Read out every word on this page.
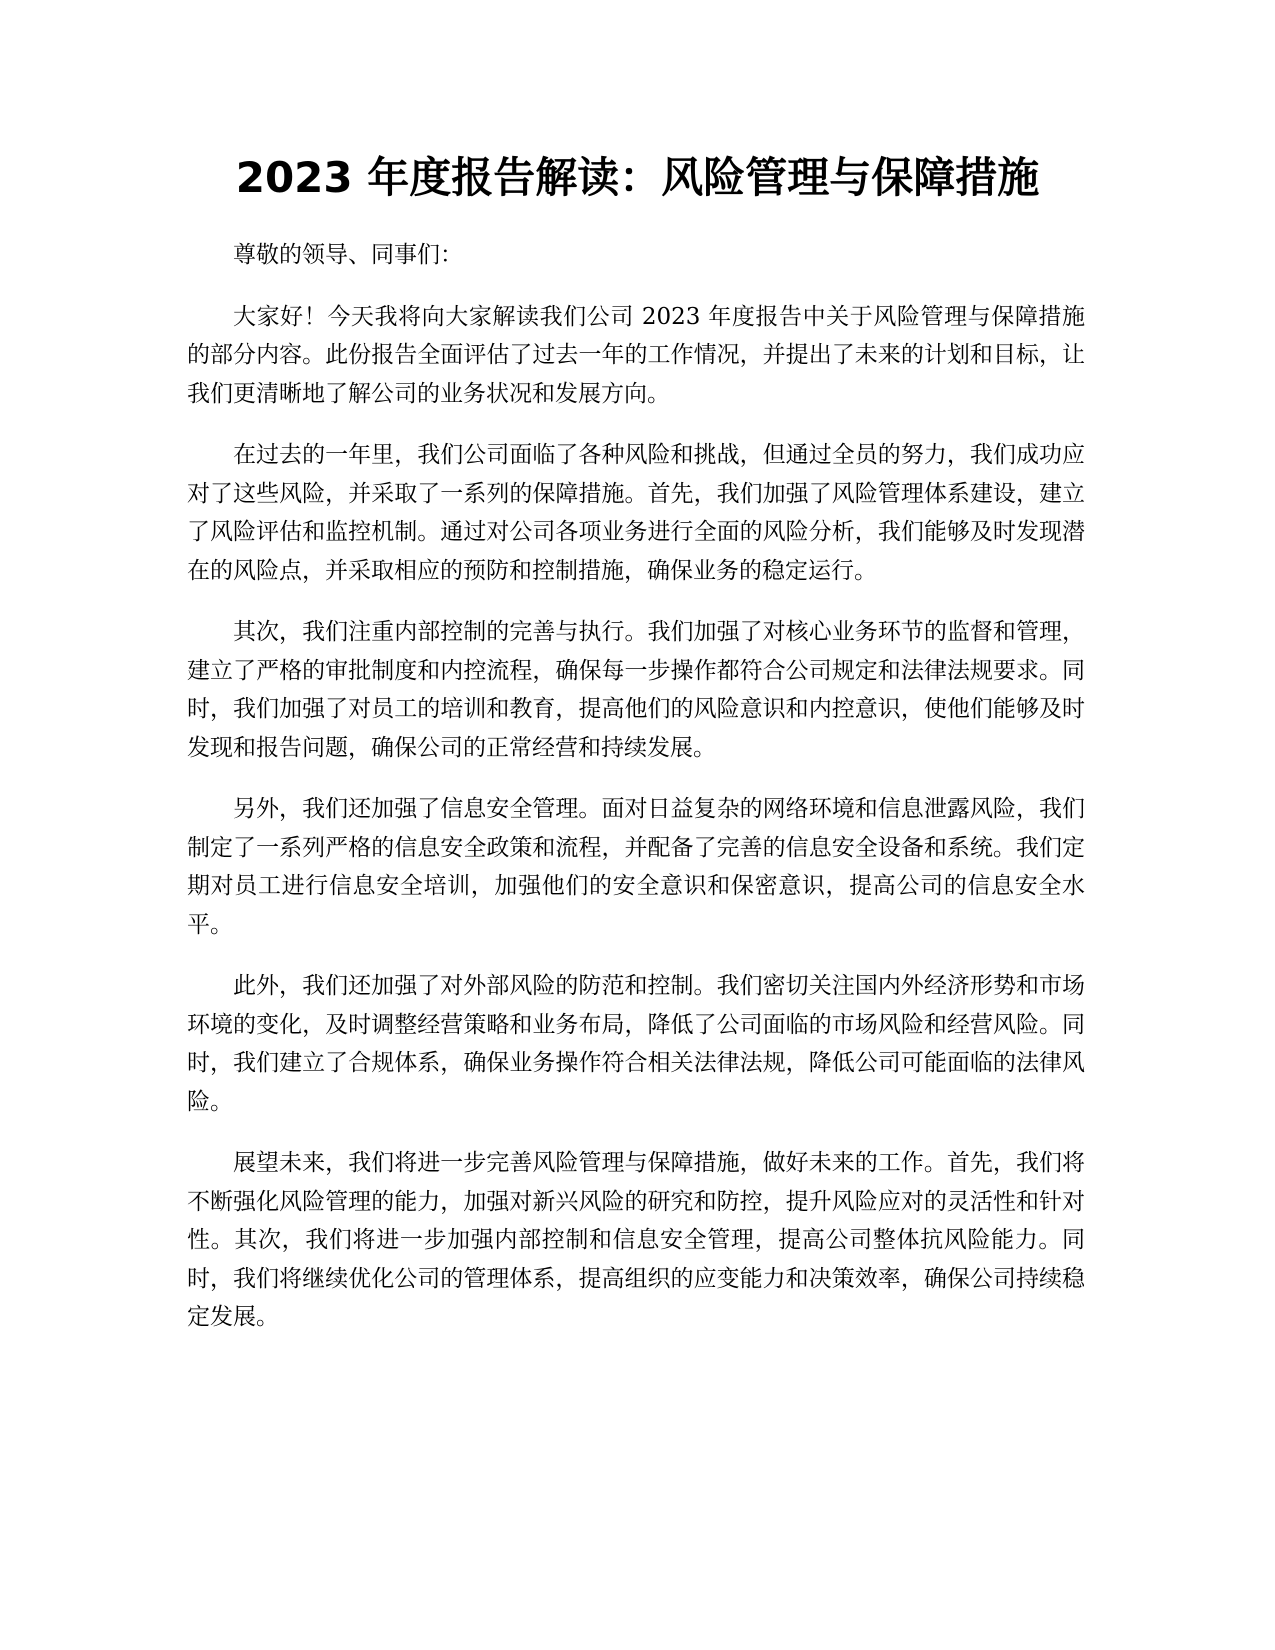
2023 年度报告解读：风险管理与保障措施

尊敬的领导、同事们：

大家好！今天我将向大家解读我们公司 2023 年度报告中关于风险管理与保障措施的部分内容。此份报告全面评估了过去一年的工作情况，并提出了未来的计划和目标，让我们更清晰地了解公司的业务状况和发展方向。

在过去的一年里，我们公司面临了各种风险和挑战，但通过全员的努力，我们成功应对了这些风险，并采取了一系列的保障措施。首先，我们加强了风险管理体系建设，建立了风险评估和监控机制。通过对公司各项业务进行全面的风险分析，我们能够及时发现潜在的风险点，并采取相应的预防和控制措施，确保业务的稳定运行。

其次，我们注重内部控制的完善与执行。我们加强了对核心业务环节的监督和管理，建立了严格的审批制度和内控流程，确保每一步操作都符合公司规定和法律法规要求。同时，我们加强了对员工的培训和教育，提高他们的风险意识和内控意识，使他们能够及时发现和报告问题，确保公司的正常经营和持续发展。

另外，我们还加强了信息安全管理。面对日益复杂的网络环境和信息泄露风险，我们制定了一系列严格的信息安全政策和流程，并配备了完善的信息安全设备和系统。我们定期对员工进行信息安全培训，加强他们的安全意识和保密意识，提高公司的信息安全水平。

此外，我们还加强了对外部风险的防范和控制。我们密切关注国内外经济形势和市场环境的变化，及时调整经营策略和业务布局，降低了公司面临的市场风险和经营风险。同时，我们建立了合规体系，确保业务操作符合相关法律法规，降低公司可能面临的法律风险。

展望未来，我们将进一步完善风险管理与保障措施，做好未来的工作。首先，我们将不断强化风险管理的能力，加强对新兴风险的研究和防控，提升风险应对的灵活性和针对性。其次，我们将进一步加强内部控制和信息安全管理，提高公司整体抗风险能力。同时，我们将继续优化公司的管理体系，提高组织的应变能力和决策效率，确保公司持续稳定发展。
